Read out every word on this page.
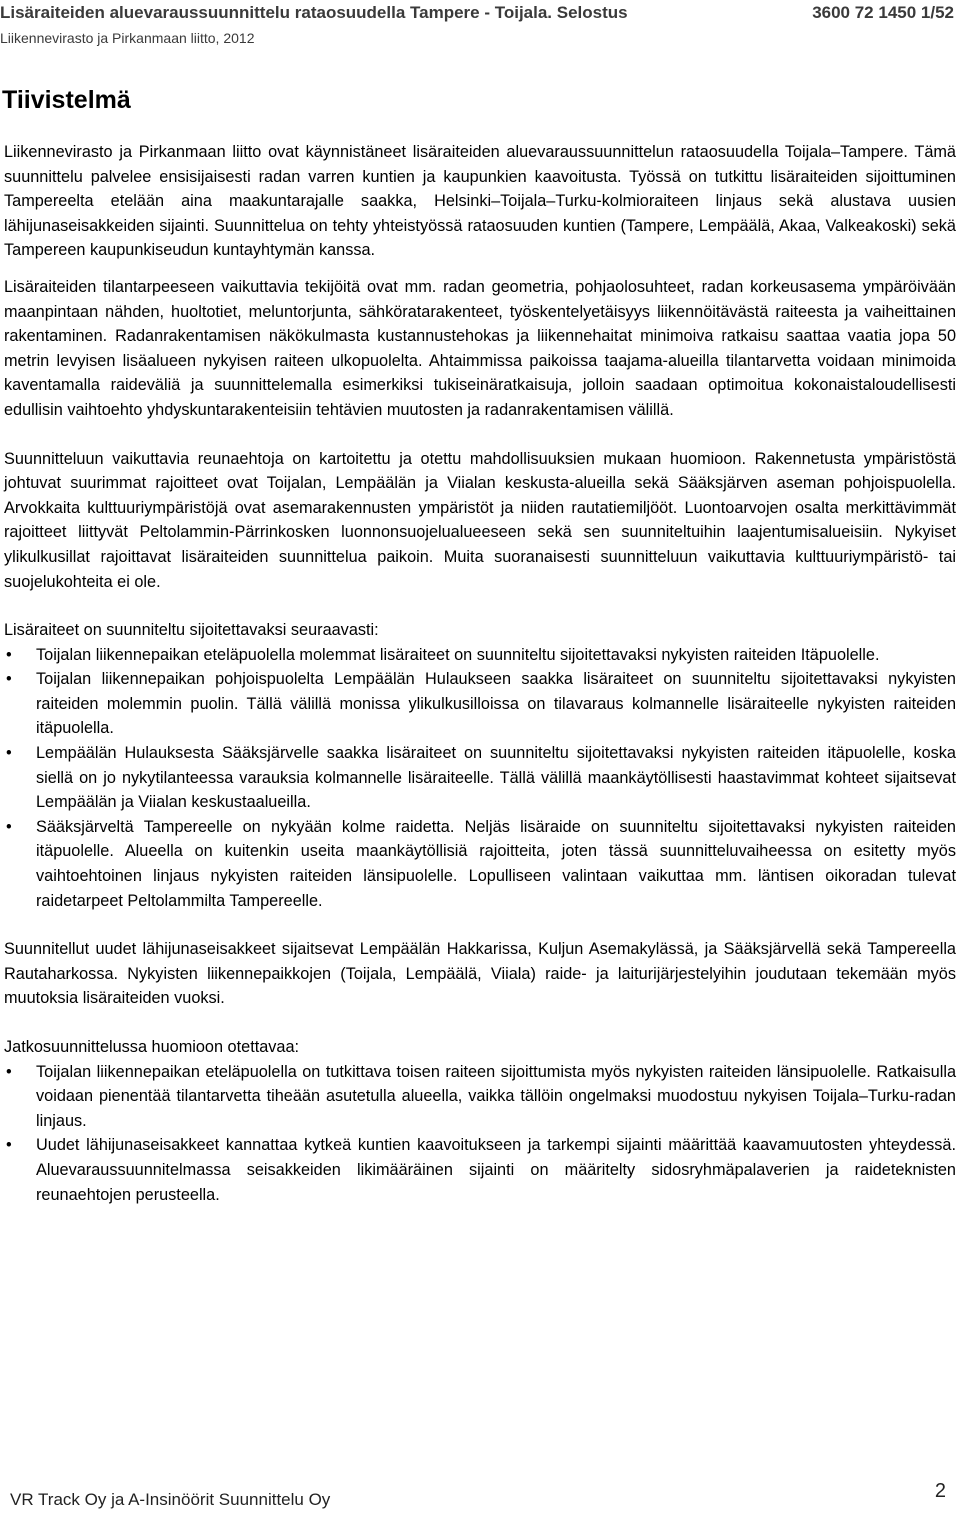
Lisäraiteiden aluevaraussuunnittelu rataosuudella Tampere - Toijala. Selostus	3600 72 1450 1/52
Liikennevirasto ja Pirkanmaan liitto, 2012
Tiivistelmä

Liikennevirasto ja Pirkanmaan liitto ovat käynnistäneet lisäraiteiden aluevaraussuunnittelun rataosuudella Toijala–Tampere. Tämä suunnittelu palvelee ensisijaisesti radan varren kuntien ja kaupunkien kaavoitusta. Työssä on tutkittu lisäraiteiden sijoittuminen Tampereelta etelään aina maakuntarajalle saakka, Helsinki–Toijala–Turku-kolmioraiteen linjaus sekä alustava uusien lähijunaseisakkeiden sijainti. Suunnittelua on tehty yhteistyössä rataosuuden kuntien (Tampere, Lempäälä, Akaa, Valkeakoski) sekä Tampereen kaupunkiseudun kuntayhtymän kanssa.

Lisäraiteiden tilantarpeeseen vaikuttavia tekijöitä ovat mm. radan geometria, pohjaolosuhteet, radan korkeusasema ympäröivään maanpintaan nähden, huoltotiet, meluntorjunta, sähköratarakenteet, työskentelyetäisyys liikennöitävästä raiteesta ja vaiheittainen rakentaminen. Radanrakentamisen näkökulmasta kustannustehokas ja liikennehaitat minimoiva ratkaisu saattaa vaatia jopa 50 metrin levyisen lisäalueen nykyisen raiteen ulkopuolelta. Ahtaimmissa paikoissa taajama-alueilla tilantarvetta voidaan minimoida kaventamalla raideväliä ja suunnittelemalla esimerkiksi tukiseinäratkaisuja, jolloin saadaan optimoitua kokonaistaloudellisesti edullisin vaihtoehto yhdyskuntarakenteisiin tehtävien muutosten ja radanrakentamisen välillä.

Suunnitteluun vaikuttavia reunaehtoja on kartoitettu ja otettu mahdollisuuksien mukaan huomioon. Rakennetusta ympäristöstä johtuvat suurimmat rajoitteet ovat Toijalan, Lempäälän ja Viialan keskusta-alueilla sekä Sääksjärven aseman pohjoispuolella. Arvokkaita kulttuuriympäristöjä ovat asemarakennusten ympäristöt ja niiden rautatiemiljööt. Luontoarvojen osalta merkittävimmät rajoitteet liittyvät Peltolammin-Pärrinkosken luonnonsuojelualueeseen sekä sen suunniteltuihin laajentumisalueisiin. Nykyiset ylikulkusillat rajoittavat lisäraiteiden suunnittelua paikoin. Muita suoranaisesti suunnitteluun vaikuttavia kulttuuriympäristö- tai suojelukohteita ei ole.

Lisäraiteet on suunniteltu sijoitettavaksi seuraavasti:

• Toijalan liikennepaikan eteläpuolella molemmat lisäraiteet on suunniteltu sijoitettavaksi nykyisten raiteiden Itäpuolelle.
• Toijalan liikennepaikan pohjoispuolelta Lempäälän Hulaukseen saakka lisäraiteet on suunniteltu sijoitettavaksi nykyisten raiteiden molemmin puolin. Tällä välillä monissa ylikulkusilloissa on tilavaraus kolmannelle lisäraiteelle nykyisten raiteiden itäpuolella.
• Lempäälän Hulauksesta Sääksjärvelle saakka lisäraiteet on suunniteltu sijoitettavaksi nykyisten raiteiden itäpuolelle, koska siellä on jo nykytilanteessa varauksia kolmannelle lisäraiteelle. Tällä välillä maankäytöllisesti haastavimmat kohteet sijaitsevat Lempäälän ja Viialan keskustaalueilla.
• Sääksjärveltä Tampereelle on nykyään kolme raidetta. Neljäs lisäraide on suunniteltu sijoitettavaksi nykyisten raiteiden itäpuolelle. Alueella on kuitenkin useita maankäytöllisiä rajoitteita, joten tässä suunnitteluvaiheessa on esitetty myös vaihtoehtoinen linjaus nykyisten raiteiden länsipuolelle. Lopulliseen valintaan vaikuttaa mm. läntisen oikoradan tulevat raidetarpeet Peltolammilta Tampereelle.

Suunnitellut uudet lähijunaseisakkeet sijaitsevat Lempäälän Hakkarissa, Kuljun Asemakylässä, ja Sääksjärvellä sekä Tampereella Rautaharkossa. Nykyisten liikennepaikkojen (Toijala, Lempäälä, Viiala) raide- ja laiturijärjestelyihin joudutaan tekemään myös muutoksia lisäraiteiden vuoksi.

Jatkosuunnittelussa huomioon otettavaa:

• Toijalan liikennepaikan eteläpuolella on tutkittava toisen raiteen sijoittumista myös nykyisten raiteiden länsipuolelle. Ratkaisulla voidaan pienentää tilantarvetta tiheään asutetulla alueella, vaikka tällöin ongelmaksi muodostuu nykyisen Toijala–Turku-radan linjaus.
• Uudet lähijunaseisakkeet kannattaa kytkeä kuntien kaavoitukseen ja tarkempi sijainti määrittää kaavamuutosten yhteydessä. Aluevaraussuunnitelmassa seisakkeiden likimääräinen sijainti on määritelty sidosryhmäpalaverien ja raideteknisten reunaehtojen perusteella.
VR Track Oy ja A-Insinöörit Suunnittelu Oy	2
